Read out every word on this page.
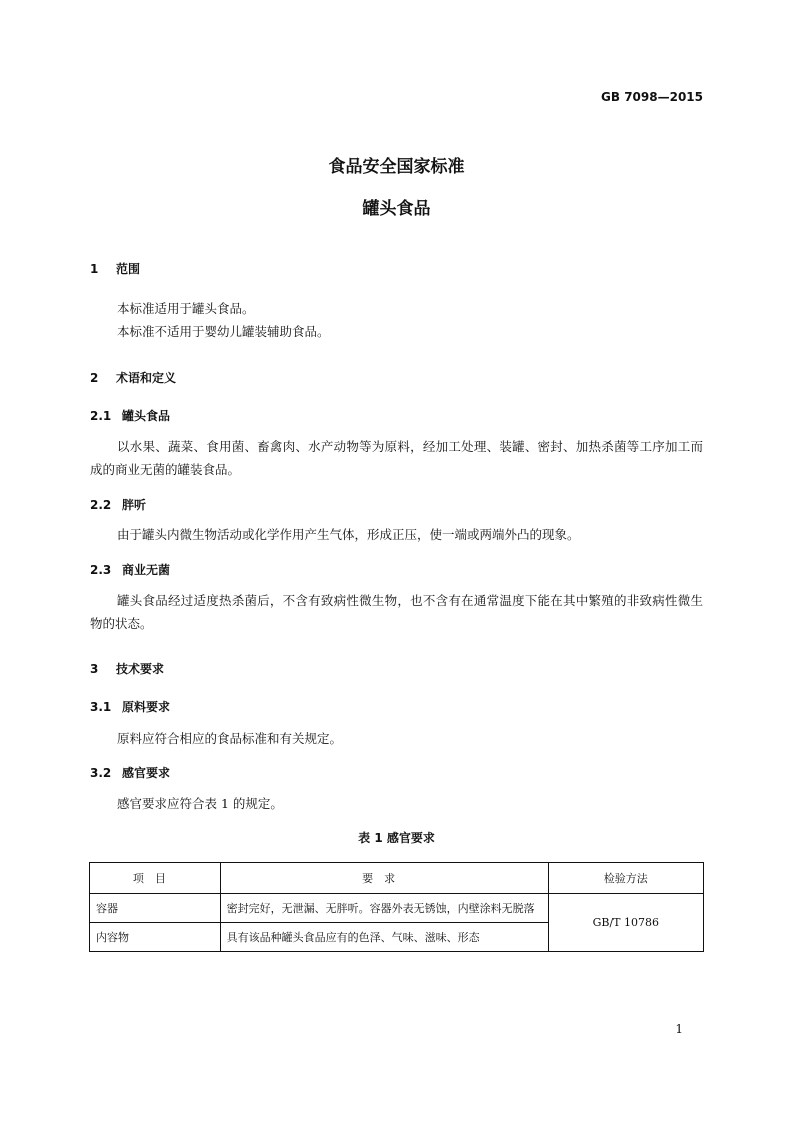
GB 7098—2015
食品安全国家标准
罐头食品
1 范围

本标准适用于罐头食品。

本标准不适用于婴幼儿罐装辅助食品。

2 术语和定义
2.1 罐头食品

以水果、蔬菜、食用菌、畜禽肉、水产动物等为原料，经加工处理、装罐、密封、加热杀菌等工序加工而成的商业无菌的罐装食品。

2.2 胖听

由于罐头内微生物活动或化学作用产生气体，形成正压，使一端或两端外凸的现象。

2.3 商业无菌

罐头食品经过适度热杀菌后，不含有致病性微生物，也不含有在通常温度下能在其中繁殖的非致病性微生物的状态。

3 技术要求
3.1 原料要求

原料应符合相应的食品标准和有关规定。

3.2 感官要求

感官要求应符合表 1 的规定。

表 1 感官要求
项目	要求	检验方法
容器	密封完好，无泄漏、无胖听。容器外表无锈蚀，内壁涂料无脱落	GB/T 10786
内容物	具有该品种罐头食品应有的色泽、气味、滋味、形态	
1
